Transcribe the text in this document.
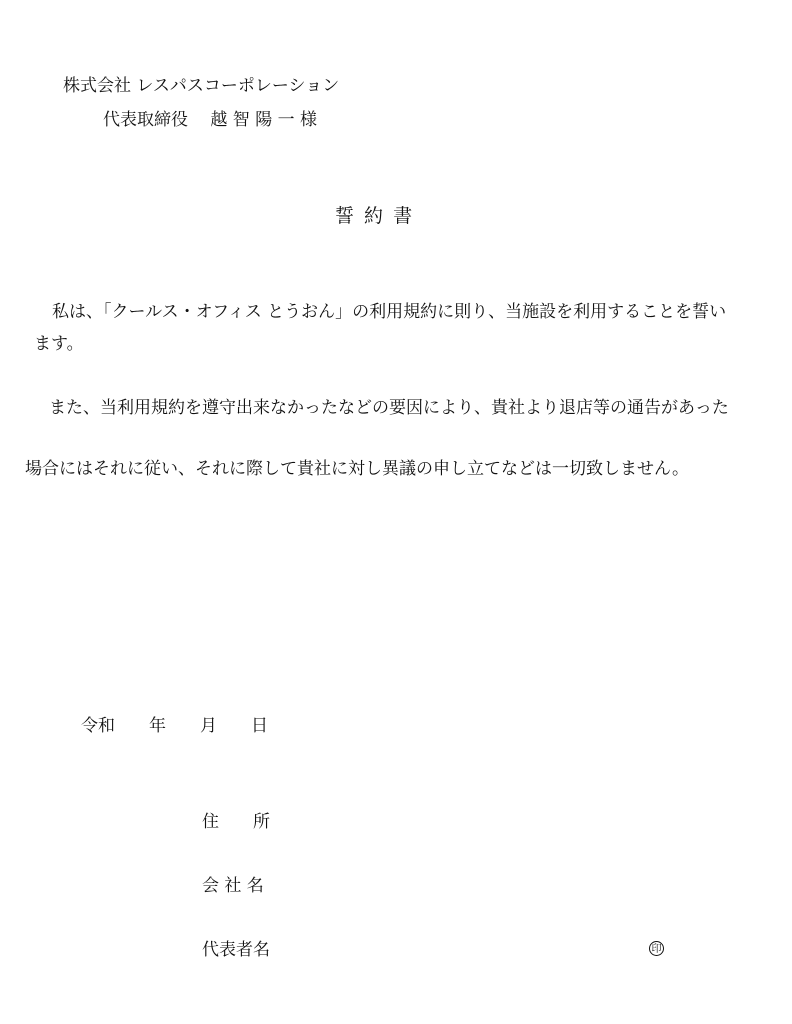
株式会社 レスパスコーポレーション
代表取締役　 越 智 陽 一 様
誓 約 書
私は、「クールス・オフィス とうおん」の利用規約に則り、当施設を利用することを誓い
ます。
また、当利用規約を遵守出来なかったなどの要因により、貴社より退店等の通告があった
場合にはそれに従い、それに際して貴社に対し異議の申し立てなどは一切致しません。
令和　　年　　月　　日
住　　所
会 社 名
代表者名	印
